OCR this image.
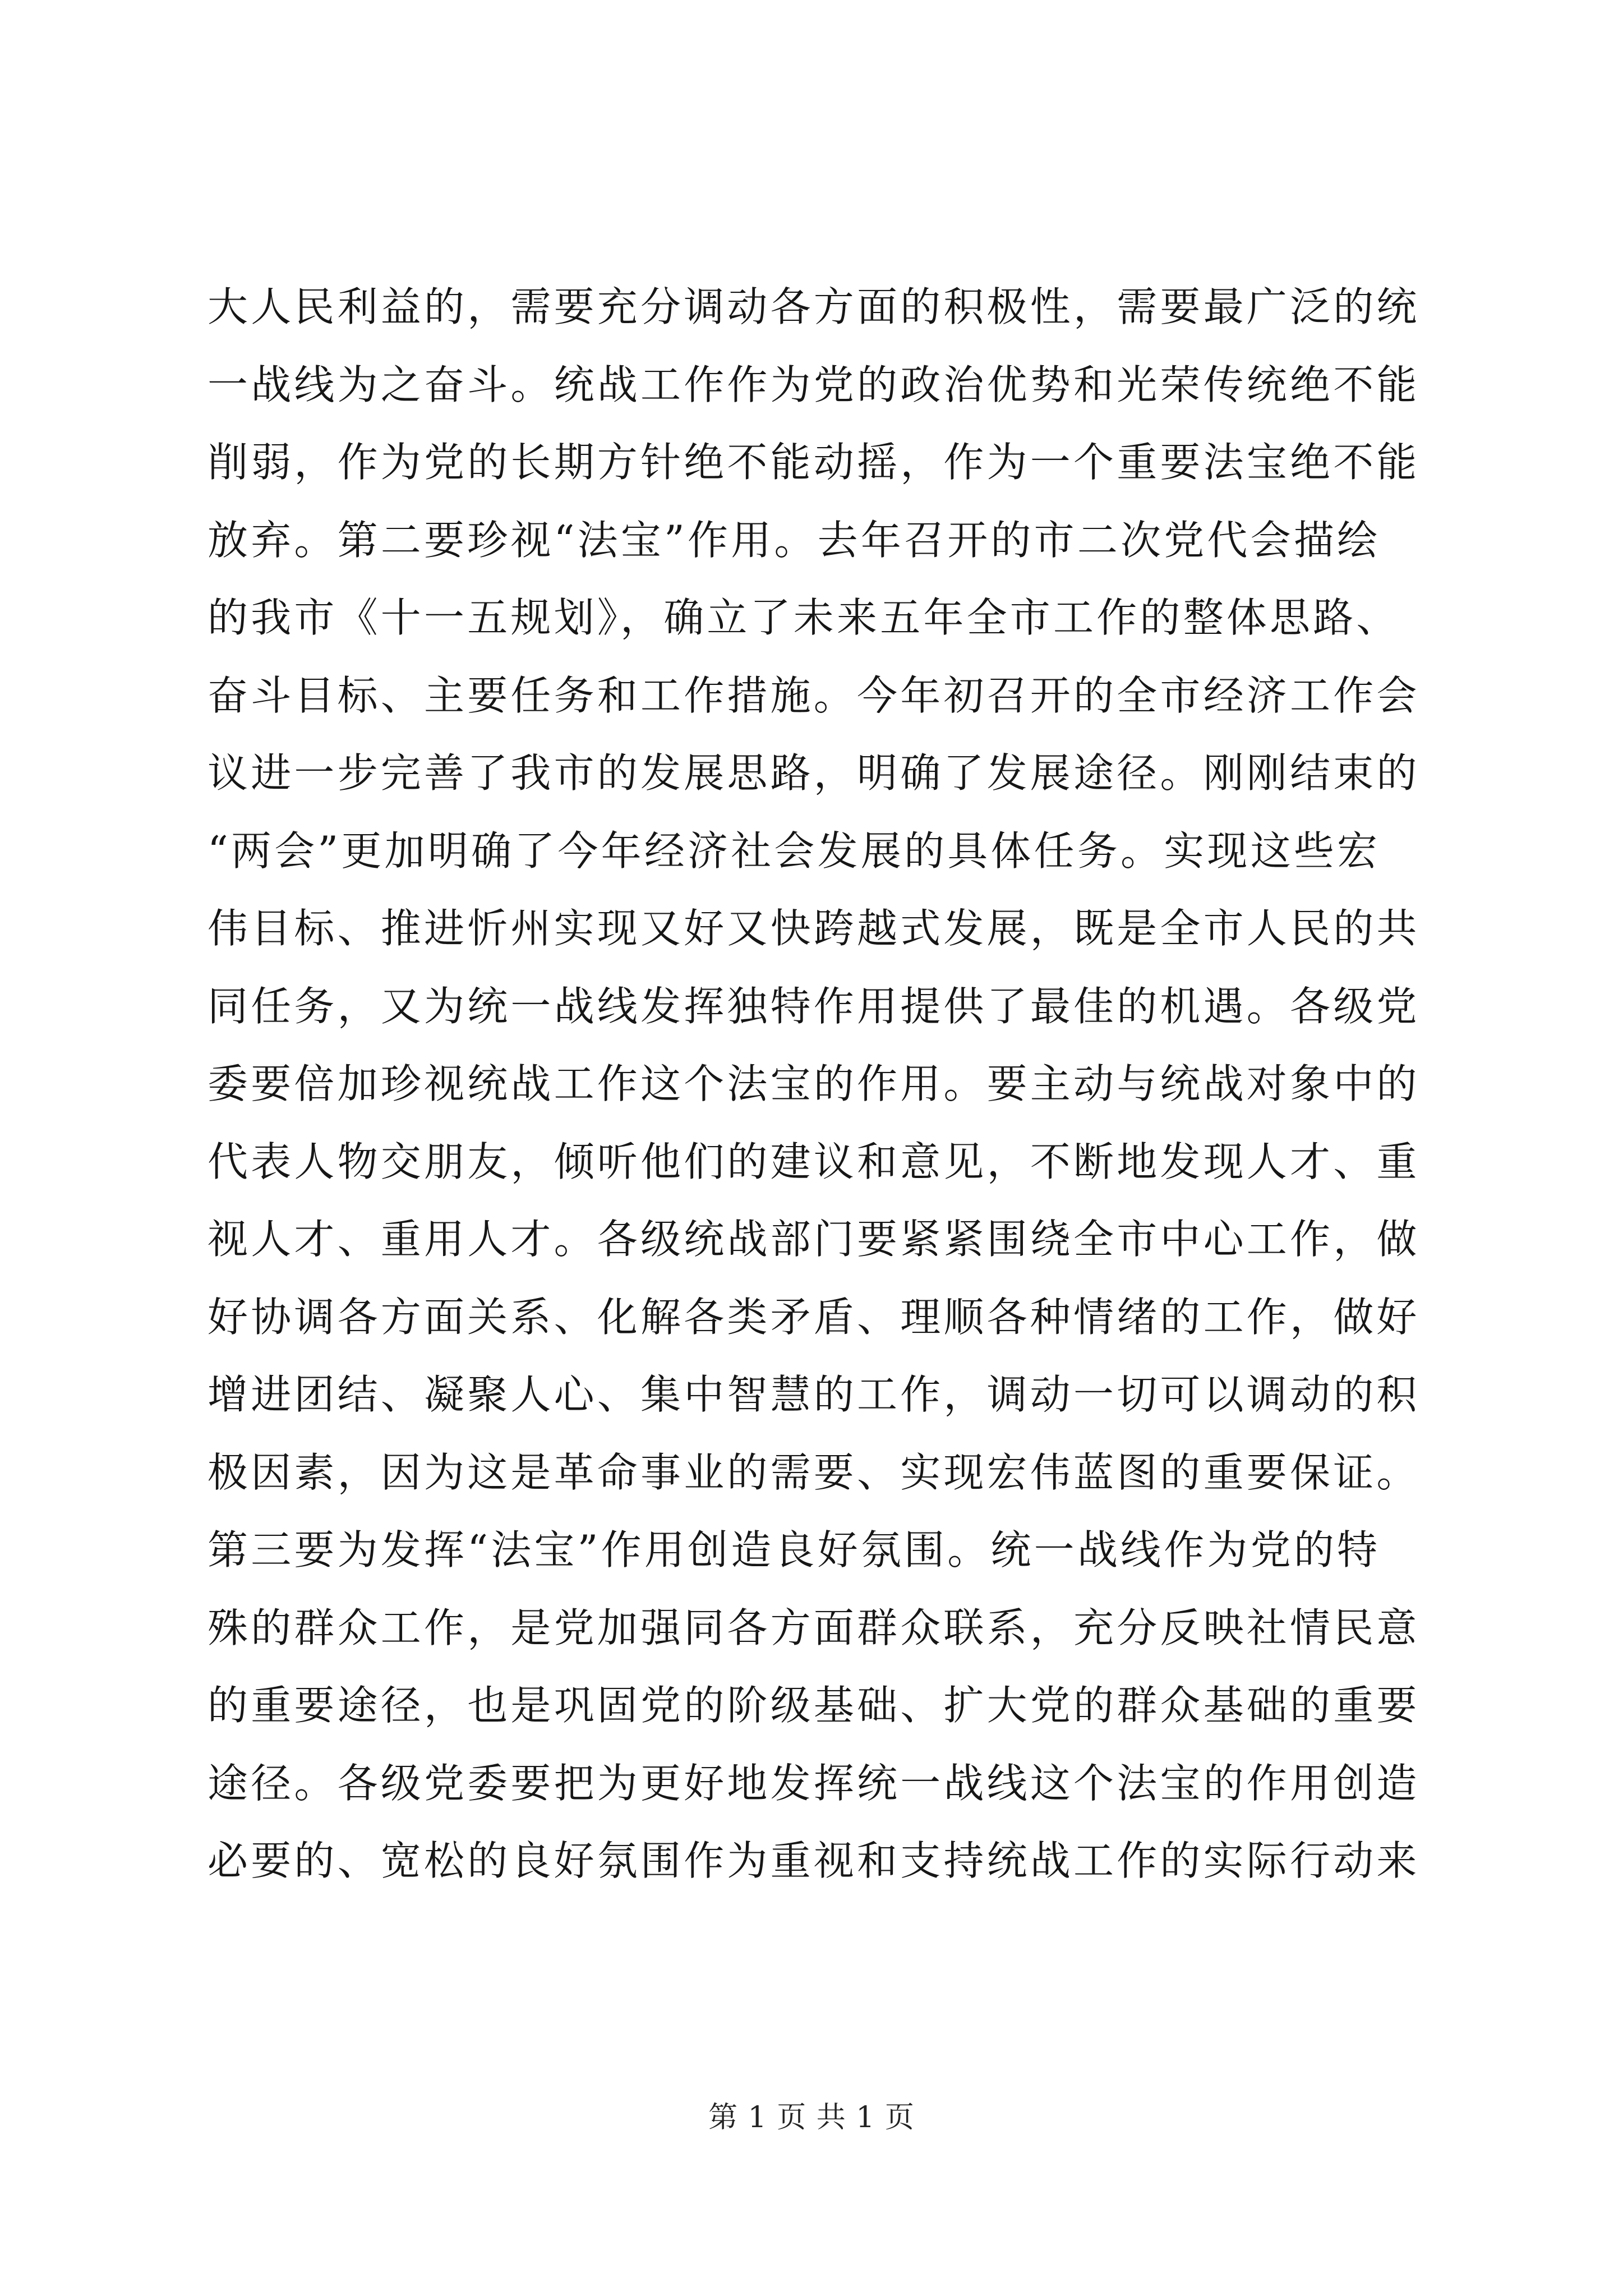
大人民利益的，需要充分调动各方面的积极性，需要最广泛的统
一战线为之奋斗。统战工作作为党的政治优势和光荣传统绝不能
削弱，作为党的长期方针绝不能动摇，作为一个重要法宝绝不能
放弃。第二要珍视“法宝”作用。去年召开的市二次党代会描绘
的我市《十一五规划》，确立了未来五年全市工作的整体思路、
奋斗目标、主要任务和工作措施。今年初召开的全市经济工作会
议进一步完善了我市的发展思路，明确了发展途径。刚刚结束的
“两会”更加明确了今年经济社会发展的具体任务。实现这些宏
伟目标、推进忻州实现又好又快跨越式发展，既是全市人民的共
同任务，又为统一战线发挥独特作用提供了最佳的机遇。各级党
委要倍加珍视统战工作这个法宝的作用。要主动与统战对象中的
代表人物交朋友，倾听他们的建议和意见，不断地发现人才、重
视人才、重用人才。各级统战部门要紧紧围绕全市中心工作，做
好协调各方面关系、化解各类矛盾、理顺各种情绪的工作，做好
增进团结、凝聚人心、集中智慧的工作，调动一切可以调动的积
极因素，因为这是革命事业的需要、实现宏伟蓝图的重要保证。
第三要为发挥“法宝”作用创造良好氛围。统一战线作为党的特
殊的群众工作，是党加强同各方面群众联系，充分反映社情民意
的重要途径，也是巩固党的阶级基础、扩大党的群众基础的重要
途径。各级党委要把为更好地发挥统一战线这个法宝的作用创造
必要的、宽松的良好氛围作为重视和支持统战工作的实际行动来
第 1 页 共 1 页
